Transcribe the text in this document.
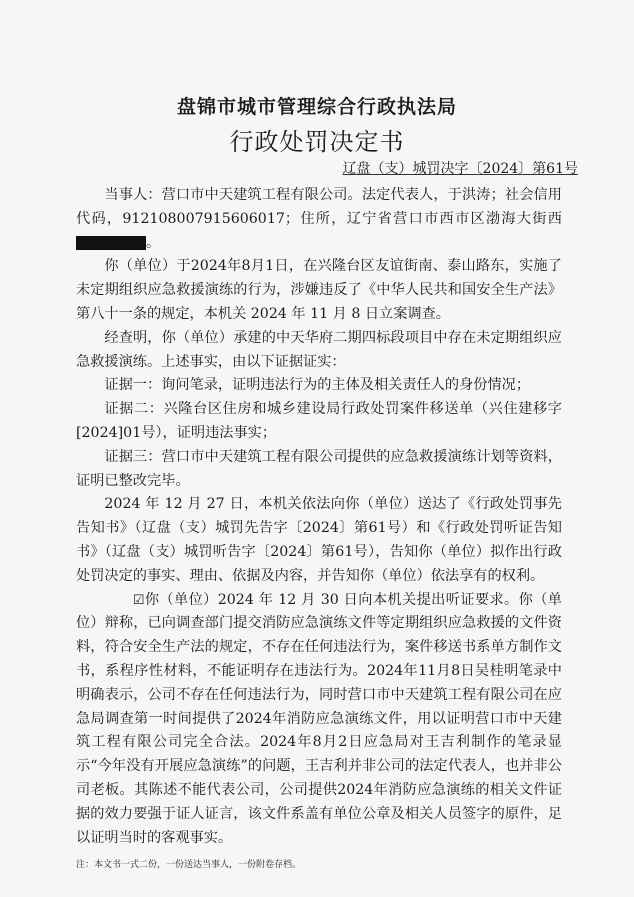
盘锦市城市管理综合行政执法局
行政处罚决定书
辽盘（支）城罚决字〔2024〕第61号

当事人：营口市中天建筑工程有限公司。法定代表人，于洪涛；社会信用代码，912108007915606017；住所，辽宁省营口市西市区渤海大街西。

你（单位）于2024年8月1日，在兴隆台区友谊街南、泰山路东，实施了未定期组织应急救援演练的行为，涉嫌违反了《中华人民共和国安全生产法》第八十一条的规定，本机关 2024 年 11 月 8 日立案调查。

经查明，你（单位）承建的中天华府二期四标段项目中存在未定期组织应急救援演练。上述事实，由以下证据证实：

证据一：询问笔录，证明违法行为的主体及相关责任人的身份情况；

证据二：兴隆台区住房和城乡建设局行政处罚案件移送单（兴住建移字[2024]01号），证明违法事实；

证据三：营口市中天建筑工程有限公司提供的应急救援演练计划等资料，证明已整改完毕。

2024 年 12 月 27 日，本机关依法向你（单位）送达了《行政处罚事先告知书》（辽盘（支）城罚先告字〔2024〕第61号）和《行政处罚听证告知书》（辽盘（支）城罚听告字〔2024〕第61号），告知你（单位）拟作出行政处罚决定的事实、理由、依据及内容，并告知你（单位）依法享有的权利。

☑你（单位）2024 年 12 月 30 日向本机关提出听证要求。你（单位）辩称，已向调查部门提交消防应急演练文件等定期组织应急救援的文件资料，符合安全生产法的规定，不存在任何违法行为，案件移送书系单方制作文书，系程序性材料，不能证明存在违法行为。2024年11月8日吴桂明笔录中明确表示，公司不存在任何违法行为，同时营口市中天建筑工程有限公司在应急局调查第一时间提供了2024年消防应急演练文件，用以证明营口市中天建筑工程有限公司完全合法。2024年8月2日应急局对王吉利制作的笔录显示“今年没有开展应急演练”的问题，王吉利并非公司的法定代表人，也并非公司老板。其陈述不能代表公司，公司提供2024年消防应急演练的相关文件证据的效力要强于证人证言，该文件系盖有单位公章及相关人员签字的原件，足以证明当时的客观事实。

注：本文书一式二份，一份送达当事人，一份附卷存档。
